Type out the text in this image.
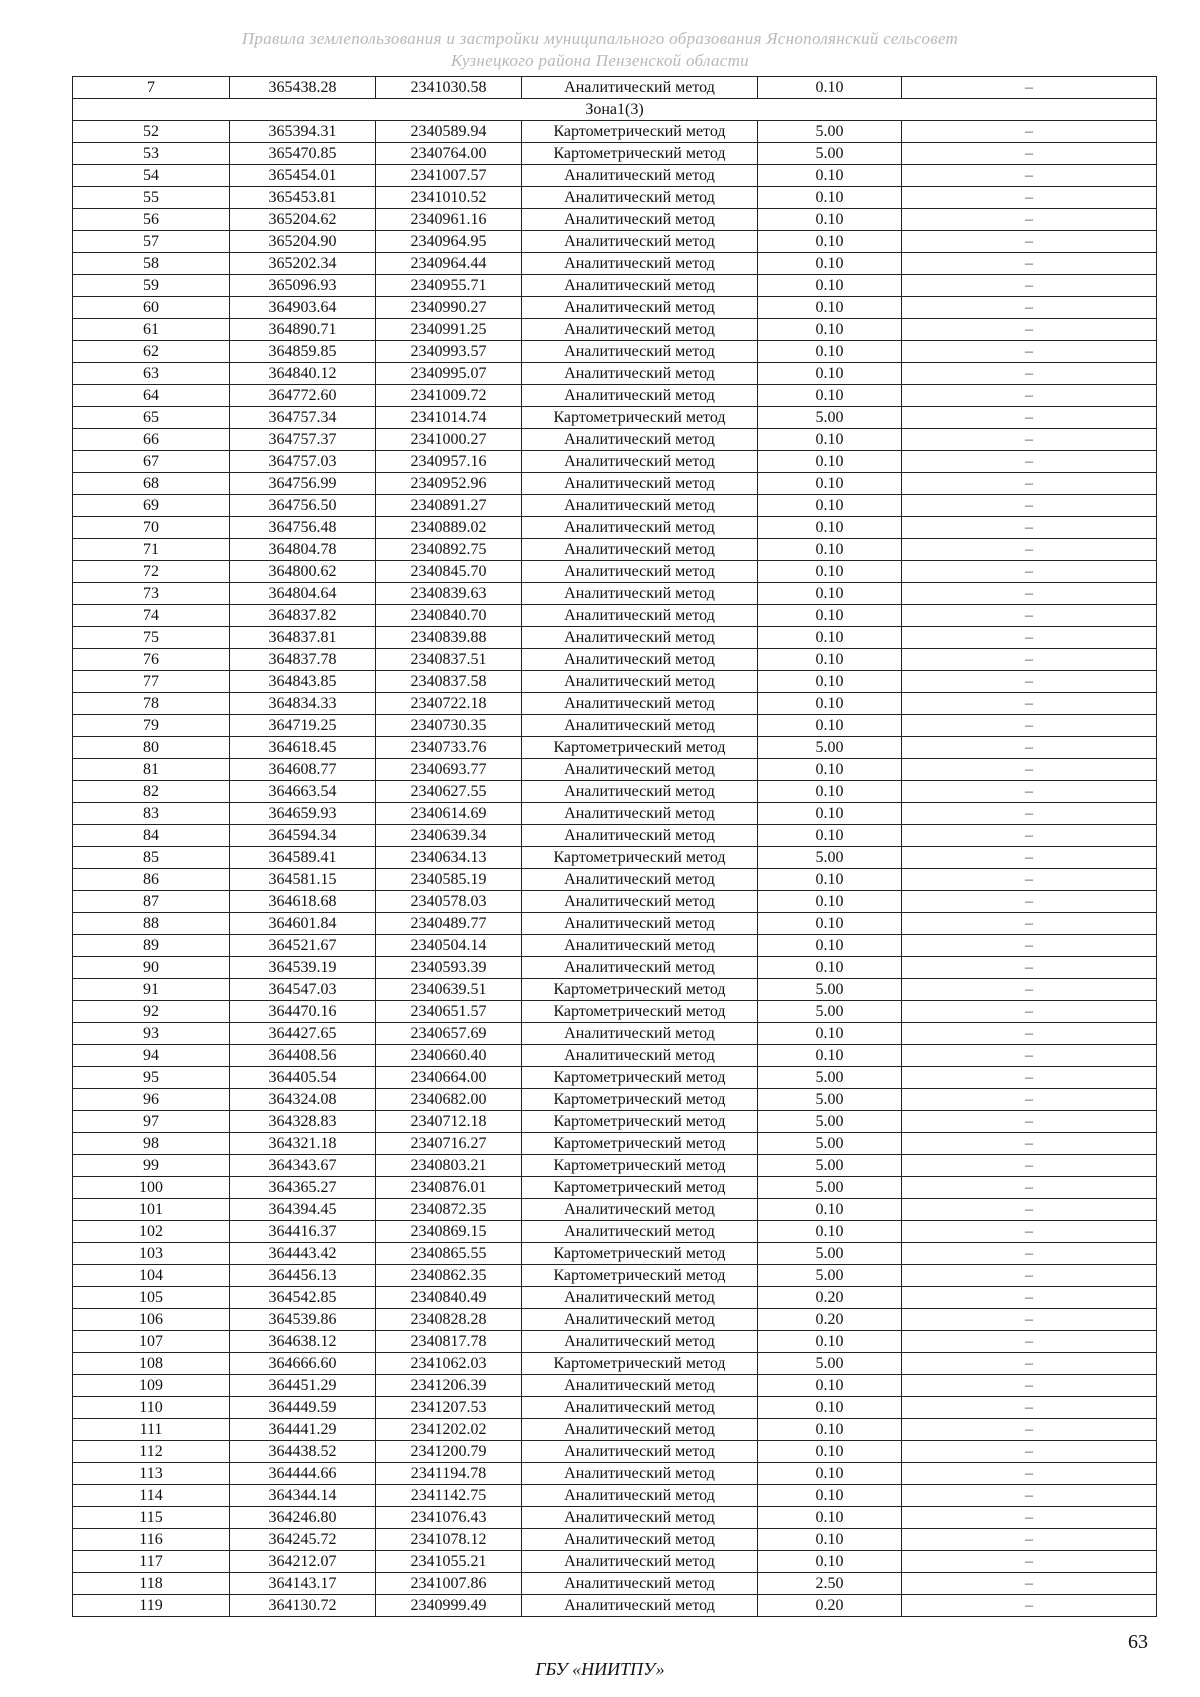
Правила землепользования и застройки муниципального образования Яснополянский сельсовет
Кузнецкого района Пензенской области
7	365438.28	2341030.58	Аналитический метод	0.10	–
Зона1(3)					
52	365394.31	2340589.94	Картометрический метод	5.00	–
53	365470.85	2340764.00	Картометрический метод	5.00	–
54	365454.01	2341007.57	Аналитический метод	0.10	–
55	365453.81	2341010.52	Аналитический метод	0.10	–
56	365204.62	2340961.16	Аналитический метод	0.10	–
57	365204.90	2340964.95	Аналитический метод	0.10	–
58	365202.34	2340964.44	Аналитический метод	0.10	–
59	365096.93	2340955.71	Аналитический метод	0.10	–
60	364903.64	2340990.27	Аналитический метод	0.10	–
61	364890.71	2340991.25	Аналитический метод	0.10	–
62	364859.85	2340993.57	Аналитический метод	0.10	–
63	364840.12	2340995.07	Аналитический метод	0.10	–
64	364772.60	2341009.72	Аналитический метод	0.10	–
65	364757.34	2341014.74	Картометрический метод	5.00	–
66	364757.37	2341000.27	Аналитический метод	0.10	–
67	364757.03	2340957.16	Аналитический метод	0.10	–
68	364756.99	2340952.96	Аналитический метод	0.10	–
69	364756.50	2340891.27	Аналитический метод	0.10	–
70	364756.48	2340889.02	Аналитический метод	0.10	–
71	364804.78	2340892.75	Аналитический метод	0.10	–
72	364800.62	2340845.70	Аналитический метод	0.10	–
73	364804.64	2340839.63	Аналитический метод	0.10	–
74	364837.82	2340840.70	Аналитический метод	0.10	–
75	364837.81	2340839.88	Аналитический метод	0.10	–
76	364837.78	2340837.51	Аналитический метод	0.10	–
77	364843.85	2340837.58	Аналитический метод	0.10	–
78	364834.33	2340722.18	Аналитический метод	0.10	–
79	364719.25	2340730.35	Аналитический метод	0.10	–
80	364618.45	2340733.76	Картометрический метод	5.00	–
81	364608.77	2340693.77	Аналитический метод	0.10	–
82	364663.54	2340627.55	Аналитический метод	0.10	–
83	364659.93	2340614.69	Аналитический метод	0.10	–
84	364594.34	2340639.34	Аналитический метод	0.10	–
85	364589.41	2340634.13	Картометрический метод	5.00	–
86	364581.15	2340585.19	Аналитический метод	0.10	–
87	364618.68	2340578.03	Аналитический метод	0.10	–
88	364601.84	2340489.77	Аналитический метод	0.10	–
89	364521.67	2340504.14	Аналитический метод	0.10	–
90	364539.19	2340593.39	Аналитический метод	0.10	–
91	364547.03	2340639.51	Картометрический метод	5.00	–
92	364470.16	2340651.57	Картометрический метод	5.00	–
93	364427.65	2340657.69	Аналитический метод	0.10	–
94	364408.56	2340660.40	Аналитический метод	0.10	–
95	364405.54	2340664.00	Картометрический метод	5.00	–
96	364324.08	2340682.00	Картометрический метод	5.00	–
97	364328.83	2340712.18	Картометрический метод	5.00	–
98	364321.18	2340716.27	Картометрический метод	5.00	–
99	364343.67	2340803.21	Картометрический метод	5.00	–
100	364365.27	2340876.01	Картометрический метод	5.00	–
101	364394.45	2340872.35	Аналитический метод	0.10	–
102	364416.37	2340869.15	Аналитический метод	0.10	–
103	364443.42	2340865.55	Картометрический метод	5.00	–
104	364456.13	2340862.35	Картометрический метод	5.00	–
105	364542.85	2340840.49	Аналитический метод	0.20	–
106	364539.86	2340828.28	Аналитический метод	0.20	–
107	364638.12	2340817.78	Аналитический метод	0.10	–
108	364666.60	2341062.03	Картометрический метод	5.00	–
109	364451.29	2341206.39	Аналитический метод	0.10	–
110	364449.59	2341207.53	Аналитический метод	0.10	–
111	364441.29	2341202.02	Аналитический метод	0.10	–
112	364438.52	2341200.79	Аналитический метод	0.10	–
113	364444.66	2341194.78	Аналитический метод	0.10	–
114	364344.14	2341142.75	Аналитический метод	0.10	–
115	364246.80	2341076.43	Аналитический метод	0.10	–
116	364245.72	2341078.12	Аналитический метод	0.10	–
117	364212.07	2341055.21	Аналитический метод	0.10	–
118	364143.17	2341007.86	Аналитический метод	2.50	–
119	364130.72	2340999.49	Аналитический метод	0.20	–
63
ГБУ «НИИТПУ»
